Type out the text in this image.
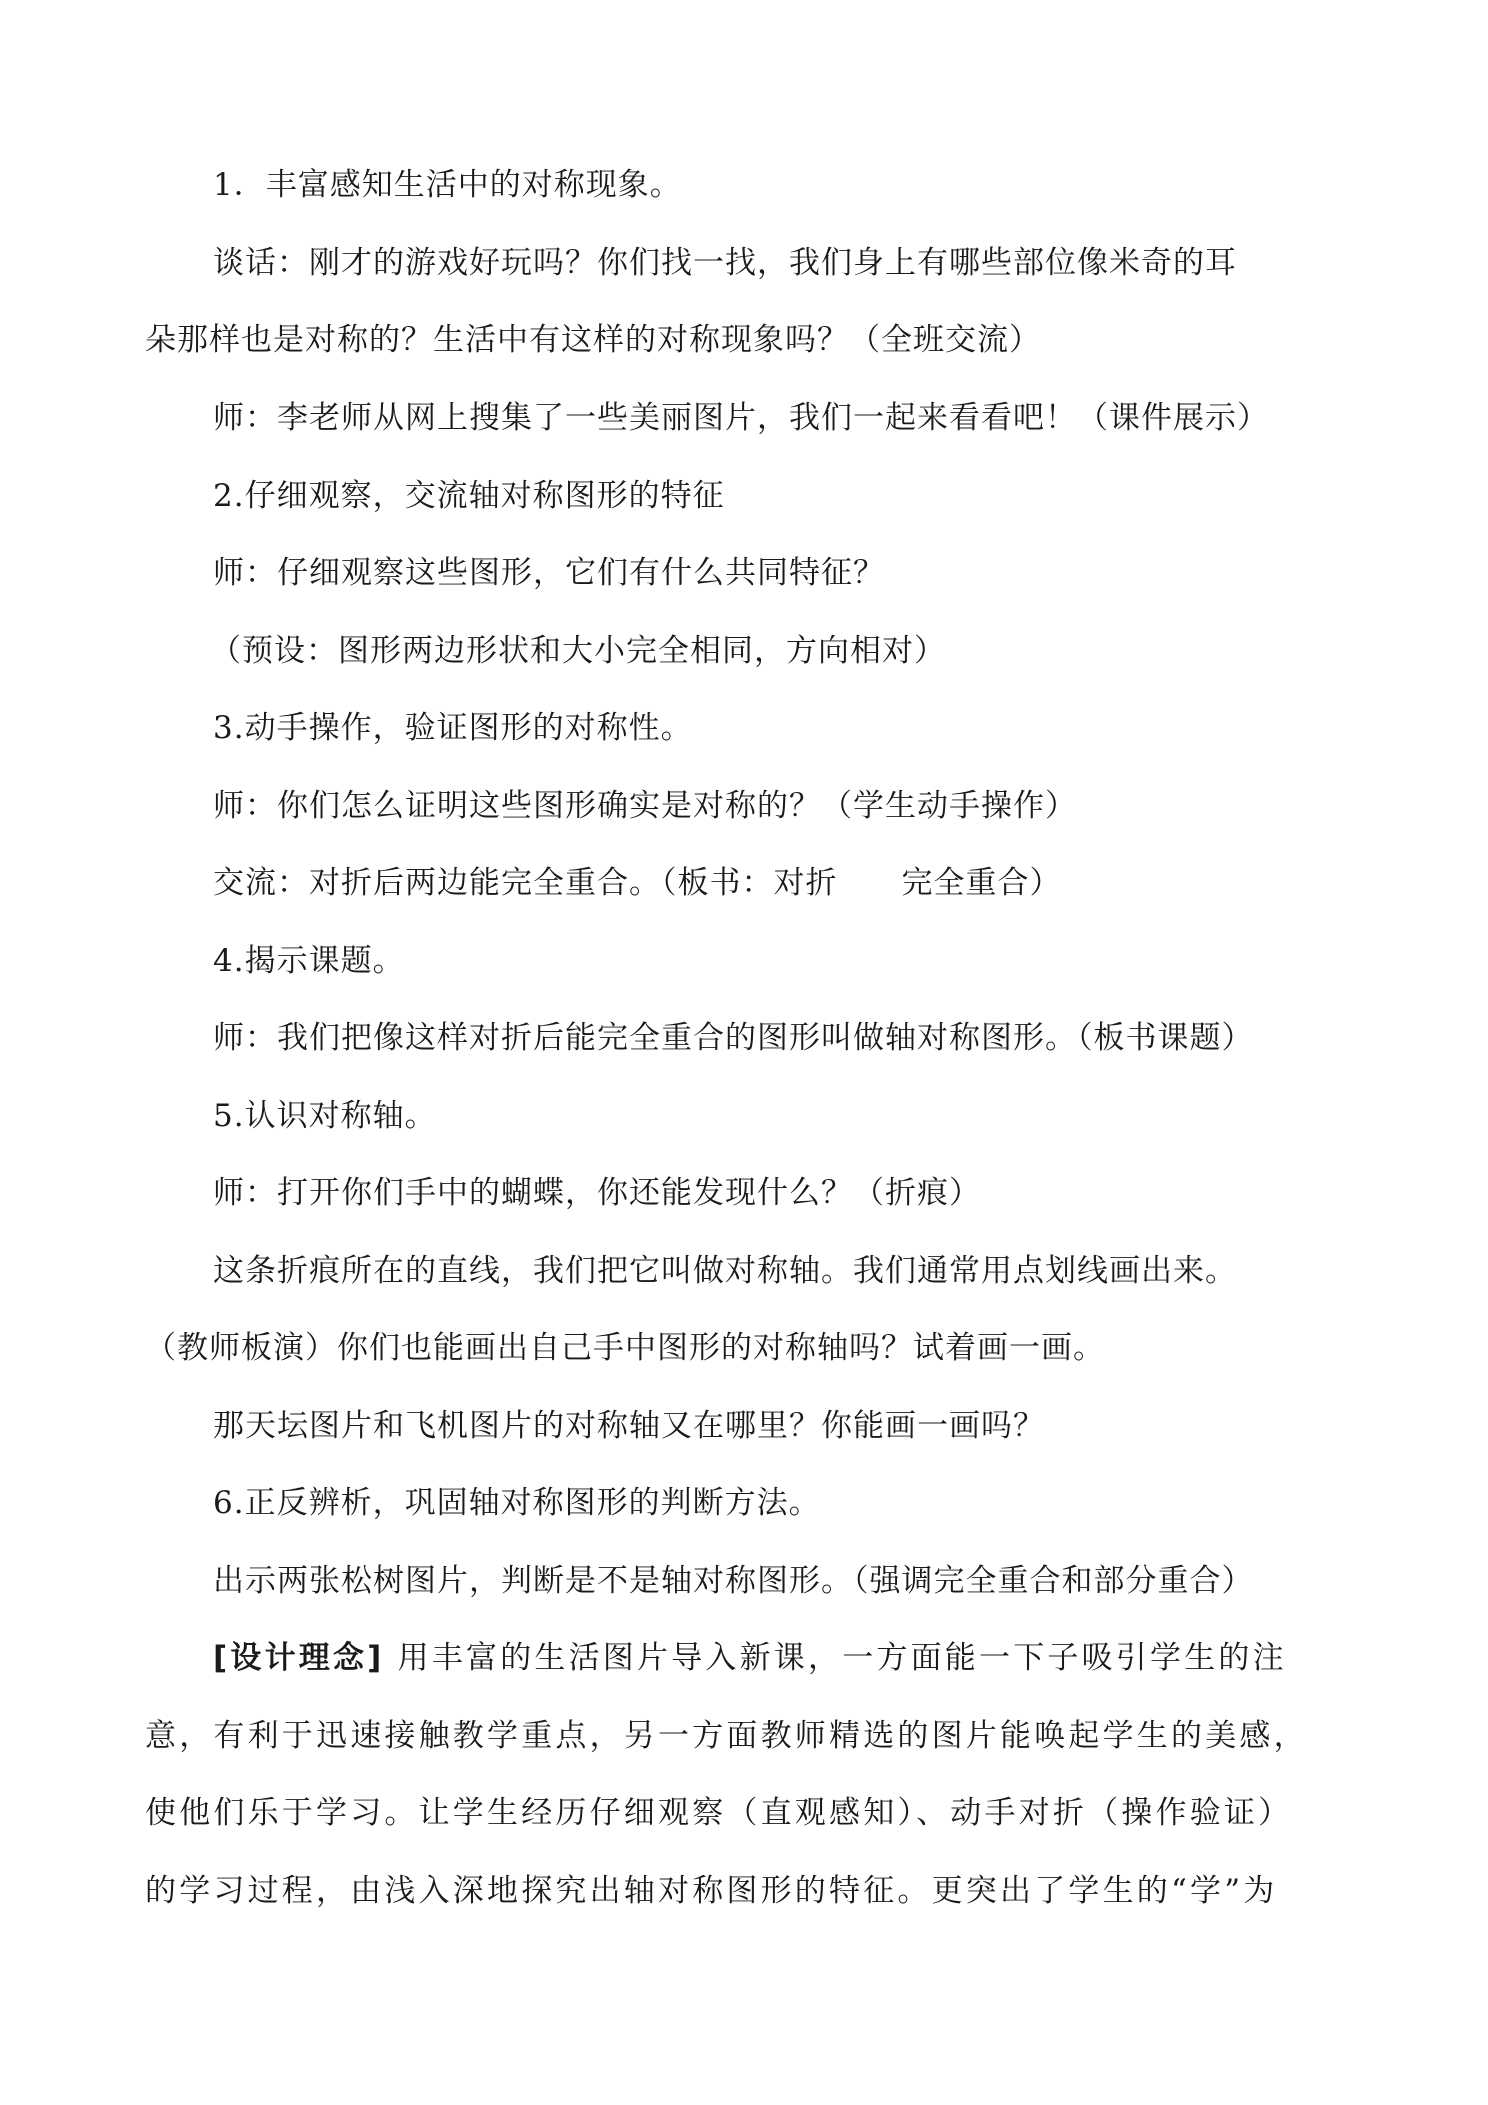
1．丰富感知生活中的对称现象。
谈话：刚才的游戏好玩吗？你们找一找，我们身上有哪些部位像米奇的耳
朵那样也是对称的？生活中有这样的对称现象吗？（全班交流）
师：李老师从网上搜集了一些美丽图片，我们一起来看看吧！（课件展示）
2.仔细观察，交流轴对称图形的特征
师：仔细观察这些图形，它们有什么共同特征？
（预设：图形两边形状和大小完全相同，方向相对）
3.动手操作，验证图形的对称性。
师：你们怎么证明这些图形确实是对称的？（学生动手操作）
交流：对折后两边能完全重合。（板书：对折　　完全重合）
4.揭示课题。
师：我们把像这样对折后能完全重合的图形叫做轴对称图形。（板书课题）
5.认识对称轴。
师：打开你们手中的蝴蝶，你还能发现什么？（折痕）
这条折痕所在的直线，我们把它叫做对称轴。我们通常用点划线画出来。
（教师板演）你们也能画出自己手中图形的对称轴吗？试着画一画。
那天坛图片和飞机图片的对称轴又在哪里？你能画一画吗？
6.正反辨析，巩固轴对称图形的判断方法。
出示两张松树图片，判断是不是轴对称图形。（强调完全重合和部分重合）
[设计理念] 用丰富的生活图片导入新课，一方面能一下子吸引学生的注
意，有利于迅速接触教学重点，另一方面教师精选的图片能唤起学生的美感，
使他们乐于学习。让学生经历仔细观察（直观感知）、动手对折（操作验证）
的学习过程，由浅入深地探究出轴对称图形的特征。更突出了学生的“学”为
